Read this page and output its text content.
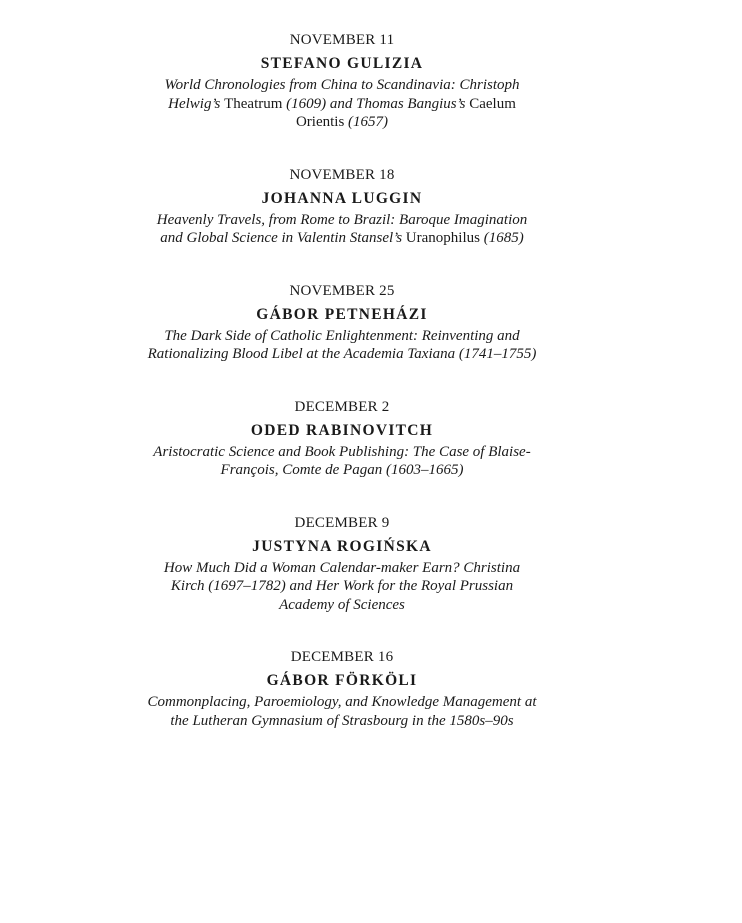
NOVEMBER 11
STEFANO GULIZIA
World Chronologies from China to Scandinavia: Christoph Helwig’s Theatrum (1609) and Thomas Bangius’s Caelum Orientis (1657)
NOVEMBER 18
JOHANNA LUGGIN
Heavenly Travels, from Rome to Brazil: Baroque Imagination and Global Science in Valentin Stansel’s Uranophilus (1685)
NOVEMBER 25
GÁBOR PETNEHÁZI
The Dark Side of Catholic Enlightenment: Reinventing and Rationalizing Blood Libel at the Academia Taxiana (1741–1755)
DECEMBER 2
ODED RABINOVITCH
Aristocratic Science and Book Publishing: The Case of Blaise-François, Comte de Pagan (1603–1665)
DECEMBER 9
JUSTYNA ROGIŃSKA
How Much Did a Woman Calendar-maker Earn? Christina Kirch (1697–1782) and Her Work for the Royal Prussian Academy of Sciences
DECEMBER 16
GÁBOR FÖRKÖLI
Commonplacing, Paroemiology, and Knowledge Management at the Lutheran Gymnasium of Strasbourg in the 1580s–90s
